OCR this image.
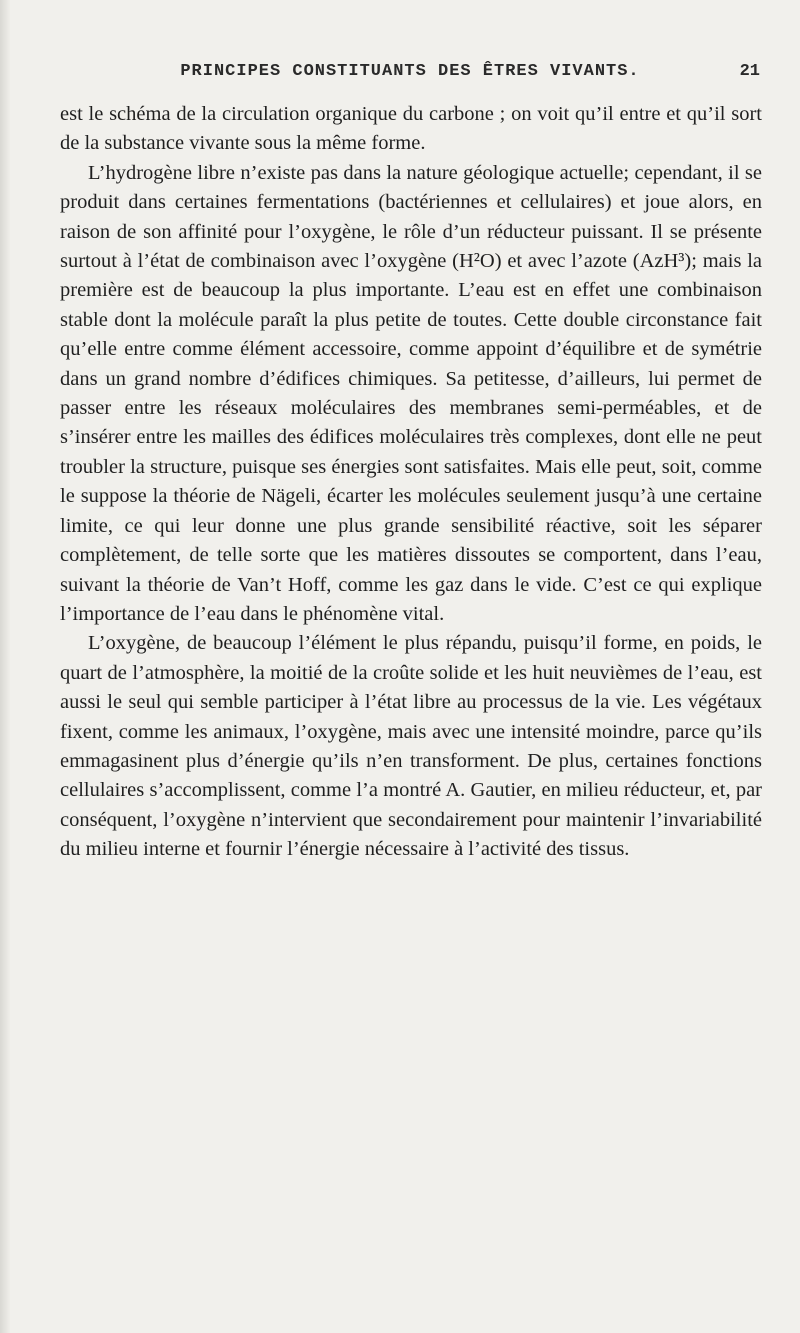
PRINCIPES CONSTITUANTS DES ÊTRES VIVANTS.	21

est le schéma de la circulation organique du carbone ; on voit qu’il entre et qu’il sort de la substance vivante sous la même forme.

L’hydrogène libre n’existe pas dans la nature géologique actuelle; cependant, il se produit dans certaines fermentations (bactériennes et cellulaires) et joue alors, en raison de son affinité pour l’oxygène, le rôle d’un réducteur puissant. Il se présente surtout à l’état de combinaison avec l’oxygène (H²O) et avec l’azote (AzH³); mais la première est de beaucoup la plus importante. L’eau est en effet une combinaison stable dont la molécule paraît la plus petite de toutes. Cette double circonstance fait qu’elle entre comme élément accessoire, comme appoint d’équilibre et de symétrie dans un grand nombre d’édifices chimiques. Sa petitesse, d’ailleurs, lui permet de passer entre les réseaux moléculaires des membranes semi-perméables, et de s’insérer entre les mailles des édifices moléculaires très complexes, dont elle ne peut troubler la structure, puisque ses énergies sont satisfaites. Mais elle peut, soit, comme le suppose la théorie de Nägeli, écarter les molécules seulement jusqu’à une certaine limite, ce qui leur donne une plus grande sensibilité réactive, soit les séparer complètement, de telle sorte que les matières dissoutes se comportent, dans l’eau, suivant la théorie de Van’t Hoff, comme les gaz dans le vide. C’est ce qui explique l’importance de l’eau dans le phénomène vital.

L’oxygène, de beaucoup l’élément le plus répandu, puisqu’il forme, en poids, le quart de l’atmosphère, la moitié de la croûte solide et les huit neuvièmes de l’eau, est aussi le seul qui semble participer à l’état libre au processus de la vie. Les végétaux fixent, comme les animaux, l’oxygène, mais avec une intensité moindre, parce qu’ils emmagasinent plus d’énergie qu’ils n’en transforment. De plus, certaines fonctions cellulaires s’accomplissent, comme l’a montré A. Gautier, en milieu réducteur, et, par conséquent, l’oxygène n’intervient que secondairement pour maintenir l’invariabilité du milieu interne et fournir l’énergie nécessaire à l’activité des tissus.
